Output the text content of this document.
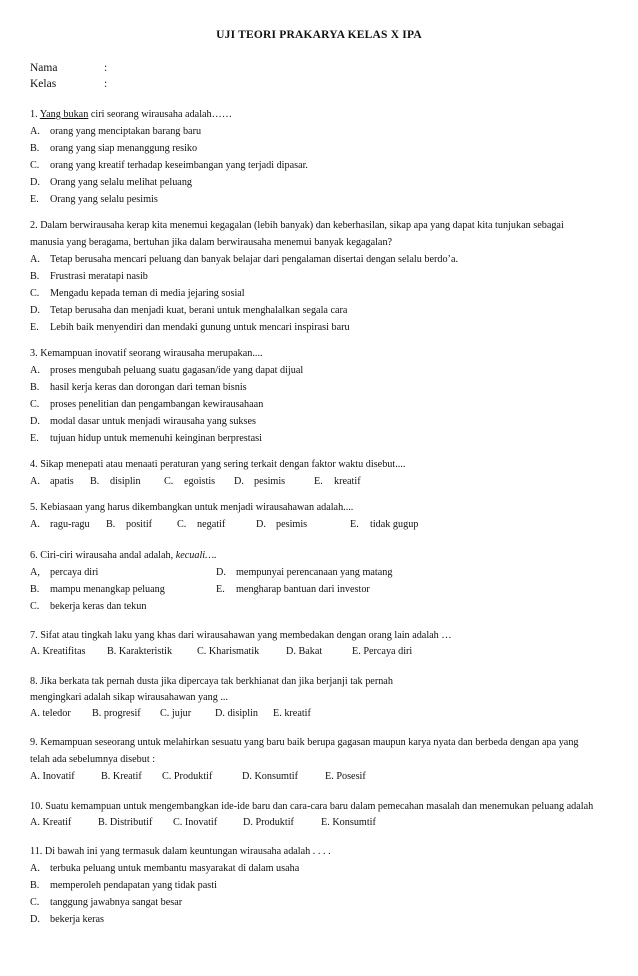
UJI TEORI PRAKARYA KELAS X IPA
Nama	:
Kelas	:
1. Yang bukan ciri seorang wirausaha adalah……
A. orang yang menciptakan barang baru
B. orang yang siap menanggung resiko
C. orang yang kreatif terhadap keseimbangan yang terjadi dipasar.
D. Orang yang selalu melihat peluang
E. Orang yang selalu pesimis
2. Dalam berwirausaha kerap kita menemui kegagalan (lebih banyak) dan keberhasilan, sikap apa yang dapat kita tunjukan sebagai
manusia yang beragama, bertuhan jika dalam berwirausaha menemui banyak kegagalan?
A. Tetap berusaha mencari peluang dan banyak belajar dari pengalaman disertai dengan selalu berdo’a.
B. Frustrasi meratapi nasib
C. Mengadu kepada teman di media jejaring sosial
D. Tetap berusaha dan menjadi kuat, berani untuk menghalalkan segala cara
E. Lebih baik menyendiri dan mendaki gunung untuk mencari inspirasi baru
3. Kemampuan inovatif seorang wirausaha merupakan....
A. proses mengubah peluang suatu gagasan/ide yang dapat dijual
B. hasil kerja keras dan dorongan dari teman bisnis
C. proses penelitian dan pengambangan kewirausahaan
D. modal dasar untuk menjadi wirausaha yang sukses
E. tujuan hidup untuk memenuhi keinginan berprestasi
4. Sikap menepati atau menaati peraturan yang sering terkait dengan faktor waktu disebut....
A. apatis B. disiplin C. egoistis D. pesimis	E. kreatif
5. Kebiasaan yang harus dikembangkan untuk menjadi wirausahawan adalah....
A. ragu-ragu B. positif C. negatif	D. pesimis	E. tidak gugup
6. Ciri-ciri wirausaha andal adalah, kecuali….
A, percaya diri	D. mempunyai perencanaan yang matang
B. mampu menangkap peluang	E. mengharap bantuan dari investor
C. bekerja keras dan tekun
7. Sifat atau tingkah laku yang khas dari wirausahawan yang membedakan dengan orang lain adalah …
A. Kreatifitas B. Karakteristik C. Kharismatik	D. Bakat	E. Percaya diri
8. Jika berkata tak pernah dusta jika dipercaya tak berkhianat dan jika berjanji tak pernah
mengingkari adalah sikap wirausahawan yang ...
A. teledor B. progresif C. jujur D. disiplin E. kreatif
9. Kemampuan seseorang untuk melahirkan sesuatu yang baru baik berupa gagasan maupun karya nyata dan berbeda dengan apa yang
telah ada sebelumnya disebut :
A. Inovatif	B. Kreatif C. Produktif	D. Konsumtif	E. Posesif
10. Suatu kemampuan untuk mengembangkan ide-ide baru dan cara-cara baru dalam pemecahan masalah dan menemukan peluang adalah
A. Kreatif	B. Distributif C. Inovatif	D. Produktif	E. Konsumtif
11. Di bawah ini yang termasuk dalam keuntungan wirausaha adalah . . . .
A. terbuka peluang untuk membantu masyarakat di dalam usaha
B. memperoleh pendapatan yang tidak pasti
C. tanggung jawabnya sangat besar
D. bekerja keras
